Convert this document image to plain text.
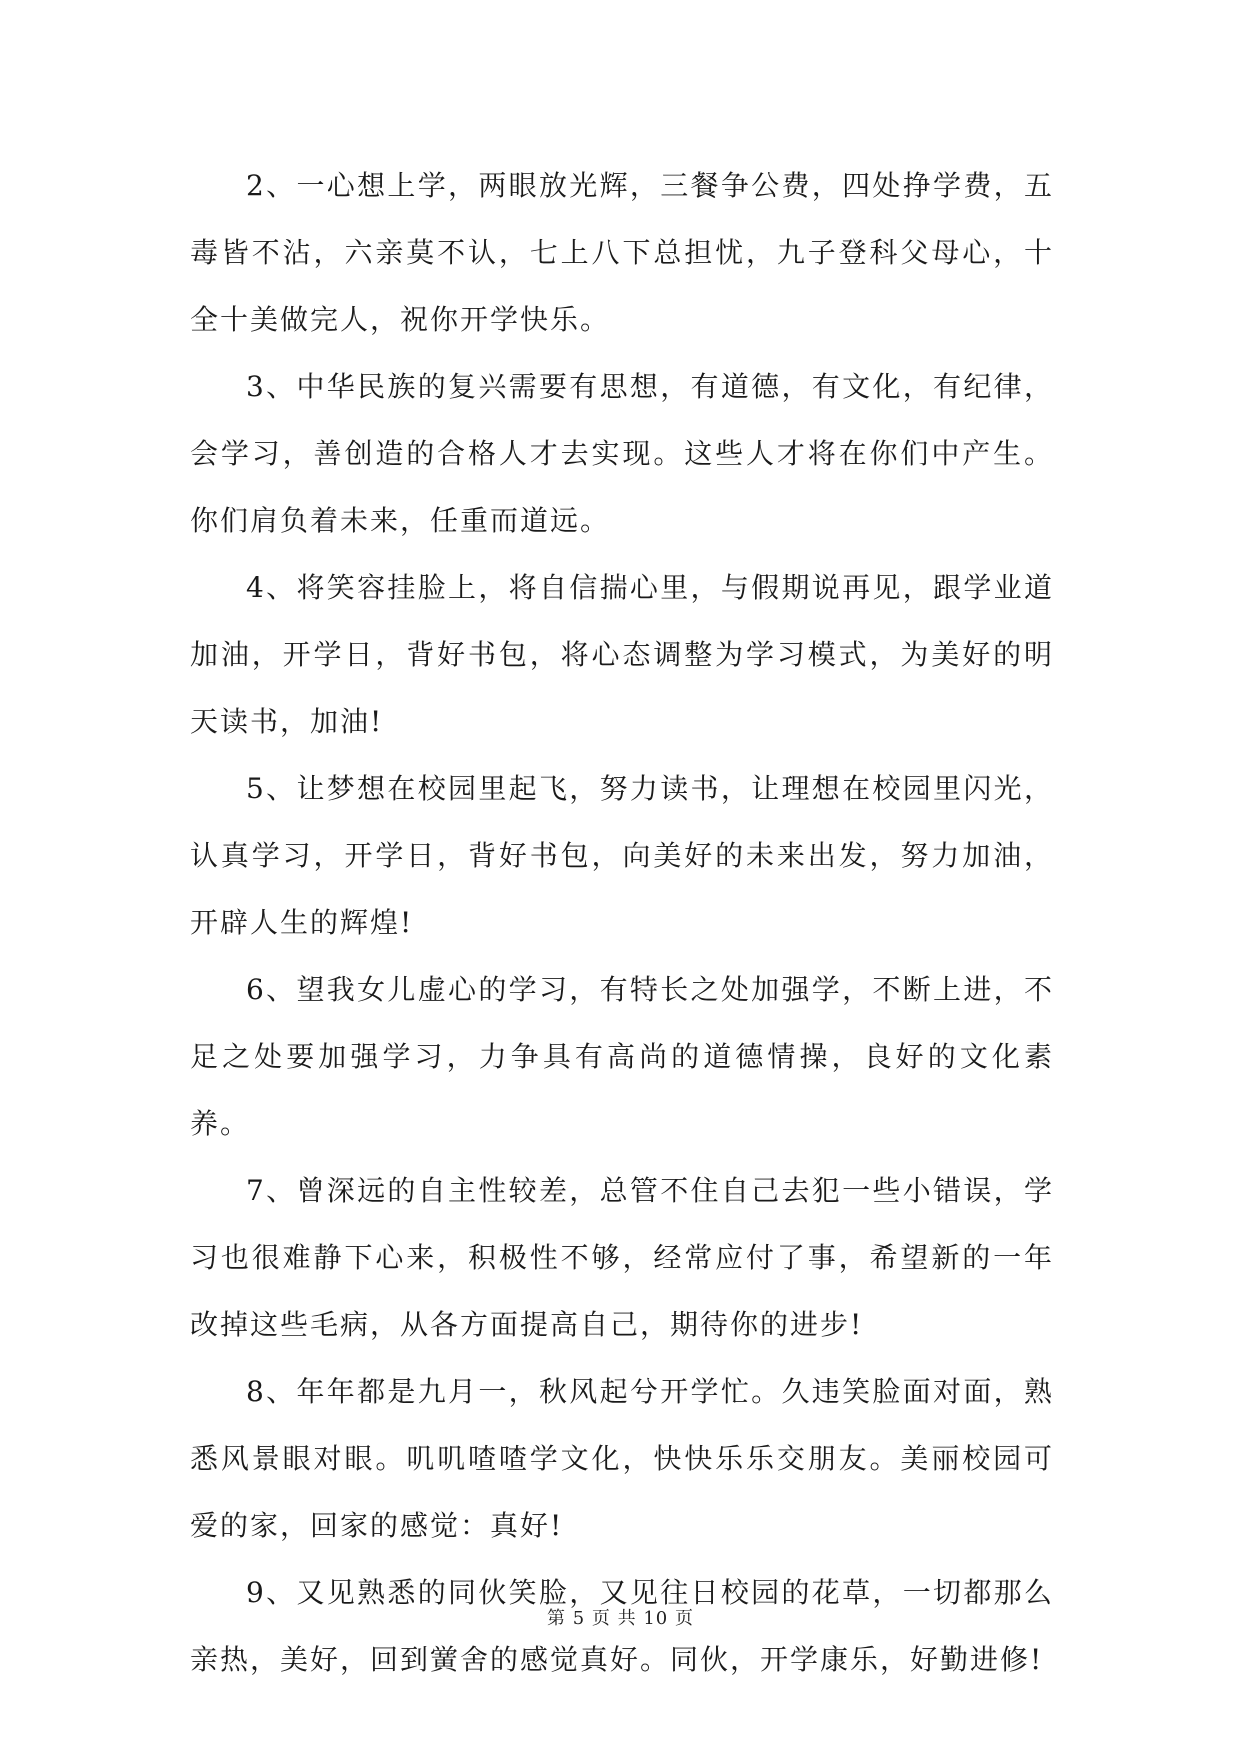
2、一心想上学，两眼放光辉，三餐争公费，四处挣学费，五毒皆不沾，六亲莫不认，七上八下总担忧，九子登科父母心，十全十美做完人，祝你开学快乐。

3、中华民族的复兴需要有思想，有道德，有文化，有纪律，会学习，善创造的合格人才去实现。这些人才将在你们中产生。你们肩负着未来，任重而道远。

4、将笑容挂脸上，将自信揣心里，与假期说再见，跟学业道加油，开学日，背好书包，将心态调整为学习模式，为美好的明天读书，加油!

5、让梦想在校园里起飞，努力读书，让理想在校园里闪光，认真学习，开学日，背好书包，向美好的未来出发，努力加油，开辟人生的辉煌!

6、望我女儿虚心的学习，有特长之处加强学，不断上进，不足之处要加强学习，力争具有高尚的道德情操，良好的文化素养。

7、曾深远的自主性较差，总管不住自己去犯一些小错误，学习也很难静下心来，积极性不够，经常应付了事，希望新的一年改掉这些毛病，从各方面提高自己，期待你的进步!

8、年年都是九月一，秋风起兮开学忙。久违笑脸面对面，熟悉风景眼对眼。叽叽喳喳学文化，快快乐乐交朋友。美丽校园可爱的家，回家的感觉：真好!

9、又见熟悉的同伙笑脸，又见往日校园的花草，一切都那么亲热，美好，回到黉舍的感觉真好。同伙，开学康乐，好勤进修!

第 5 页 共 10 页
